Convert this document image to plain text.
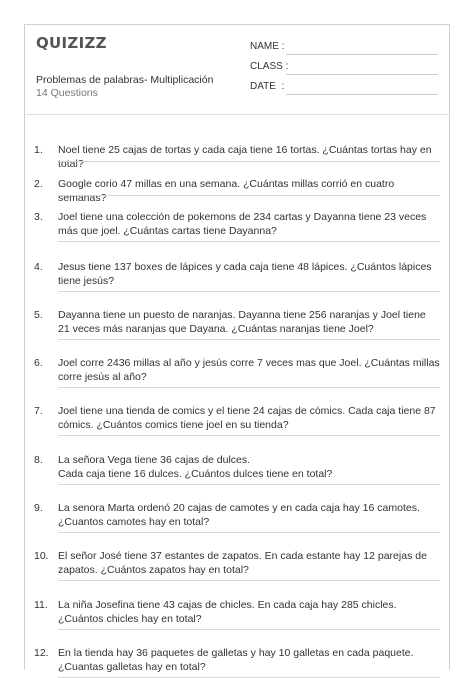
QUIZIZZ
Problemas de palabras- Multiplicación
14 Questions
NAME :
CLASS :
DATE  :
1.	Noel tiene 25 cajas de tortas y cada caja tiene 16 tortas. ¿Cuántas tortas hay en total?
2.	Google corio 47 millas en una semana. ¿Cuántas millas corrió en cuatro semanas?
3.	Joel tiene una colección de pokemons de 234 cartas y Dayanna tiene 23 veces más que joel. ¿Cuántas cartas tiene Dayanna?
4.	Jesus tiene 137 boxes de lápices y cada caja tiene 48 lápices. ¿Cuántos lápices tiene jesús?
5.	Dayanna tiene un puesto de naranjas. Dayanna tiene 256 naranjas y Joel tiene 21 veces más naranjas que Dayana. ¿Cuántas naranjas tiene Joel?
6.	Joel corre 2436 millas al año y jesús corre 7 veces mas que Joel. ¿Cuántas millas corre jesús al año?
7.	Joel tiene una tienda de comics y el tiene 24 cajas de cómics. Cada caja tiene 87 cómics. ¿Cuántos comics tiene joel en su tienda?
8.	La señora Vega tiene 36 cajas de dulces.
Cada caja tiene 16 dulces. ¿Cuántos dulces tiene en total?
9.	La senora Marta ordenó 20 cajas de camotes y en cada caja hay 16 camotes. ¿Cuantos camotes hay en total?
10. El señor José tiene 37 estantes de zapatos. En cada estante hay 12 parejas de zapatos. ¿Cuántos zapatos hay en total?
11. La niña Josefina tiene 43 cajas de chicles. En cada caja hay 285 chicles. ¿Cuántos chicles hay en total?
12. En la tienda hay 36 paquetes de galletas y hay 10 galletas en cada paquete. ¿Cuantas galletas hay en total?
